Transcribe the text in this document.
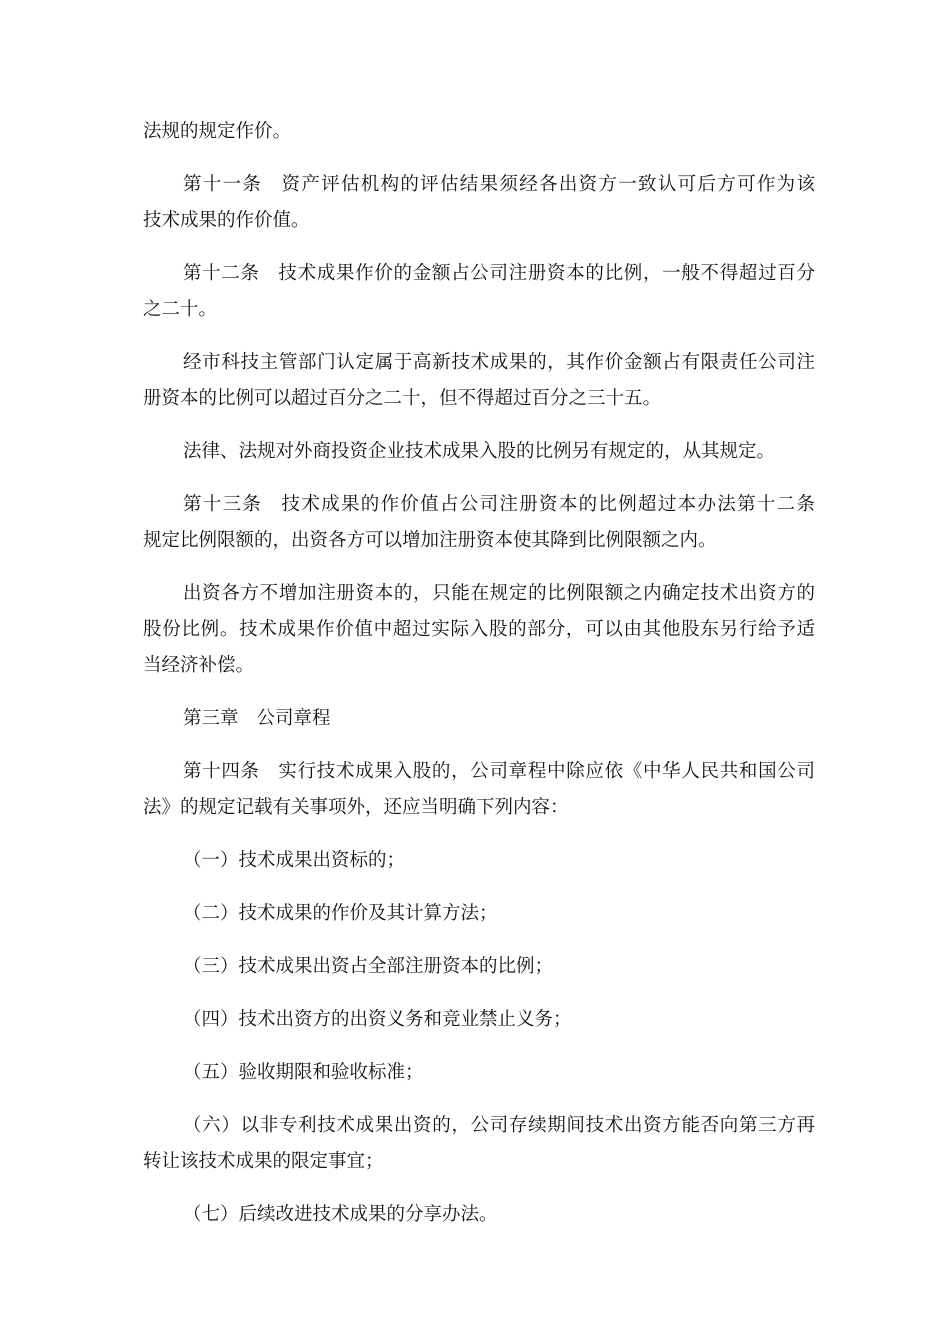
法规的规定作价。
第十一条 资产评估机构的评估结果须经各出资方一致认可后方可作为该
技术成果的作价值。
第十二条 技术成果作价的金额占公司注册资本的比例，一般不得超过百分
之二十。
经市科技主管部门认定属于高新技术成果的，其作价金额占有限责任公司注
册资本的比例可以超过百分之二十，但不得超过百分之三十五。
法律、法规对外商投资企业技术成果入股的比例另有规定的，从其规定。
第十三条 技术成果的作价值占公司注册资本的比例超过本办法第十二条
规定比例限额的，出资各方可以增加注册资本使其降到比例限额之内。
出资各方不增加注册资本的，只能在规定的比例限额之内确定技术出资方的
股份比例。技术成果作价值中超过实际入股的部分，可以由其他股东另行给予适
当经济补偿。
第三章 公司章程
第十四条 实行技术成果入股的，公司章程中除应依《中华人民共和国公司
法》的规定记载有关事项外，还应当明确下列内容：
（一）技术成果出资标的；
（二）技术成果的作价及其计算方法；
（三）技术成果出资占全部注册资本的比例；
（四）技术出资方的出资义务和竞业禁止义务；
（五）验收期限和验收标准；
（六）以非专利技术成果出资的，公司存续期间技术出资方能否向第三方再
转让该技术成果的限定事宜；
（七）后续改进技术成果的分享办法。
